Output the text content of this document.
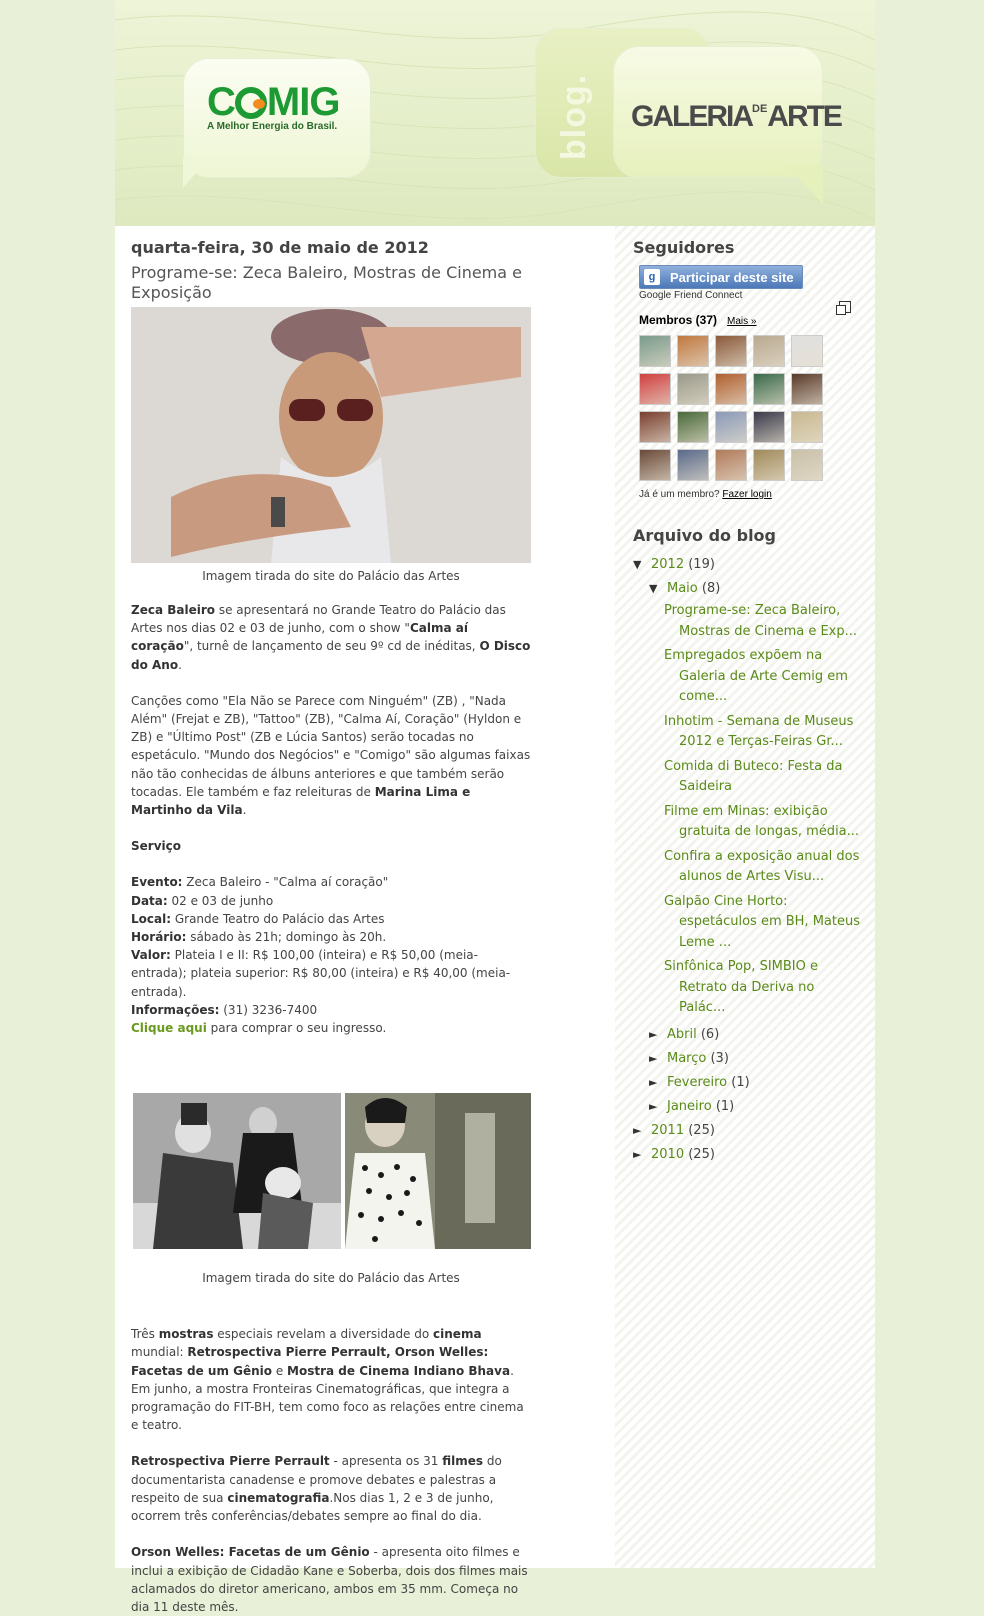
C MIG
A Melhor Energia do Brasil.	blog. $GALERIA^{DE}ARTE$
quarta-feira, 30 de maio de 2012
Programe-se: Zeca Baleiro, Mostras de Cinema e Exposição
Imagem tirada do site do Palácio das Artes

Zeca Baleiro se apresentará no Grande Teatro do Palácio das Artes nos dias 02 e 03 de junho, com o show "Calma aí coração", turnê de lançamento de seu 9º cd de inéditas, O Disco do Ano.

Canções como "Ela Não se Parece com Ninguém" (ZB) , "Nada Além" (Frejat e ZB), "Tattoo" (ZB), "Calma Aí, Coração" (Hyldon e ZB) e "Último Post" (ZB e Lúcia Santos) serão tocadas no espetáculo. "Mundo dos Negócios" e "Comigo" são algumas faixas não tão conhecidas de álbuns anteriores e que também serão tocadas. Ele também e faz releituras de Marina Lima e Martinho da Vila.

Serviço

Evento: Zeca Baleiro - "Calma aí coração"
Data: 02 e 03 de junho
Local: Grande Teatro do Palácio das Artes
Horário: sábado às 21h; domingo às 20h.
Valor: Plateia I e II: R$ 100,00 (inteira) e R$ 50,00 (meia-entrada); plateia superior: R$ 80,00 (inteira) e R$ 40,00 (meia-entrada).
Informações: (31) 3236-7400
Clique aqui para comprar o seu ingresso.

Imagem tirada do site do Palácio das Artes

Três mostras especiais revelam a diversidade do cinema mundial: Retrospectiva Pierre Perrault, Orson Welles: Facetas de um Gênio e Mostra de Cinema Indiano Bhava. Em junho, a mostra Fronteiras Cinematográficas, que integra a programação do FIT-BH, tem como foco as relações entre cinema e teatro.

Retrospectiva Pierre Perrault - apresenta os 31 filmes do documentarista canadense e promove debates e palestras a respeito de sua cinematografia.Nos dias 1, 2 e 3 de junho, ocorrem três conferências/debates sempre ao final do dia.

Orson Welles: Facetas de um Gênio - apresenta oito filmes e inclui a exibição de Cidadão Kane e Soberba, dois dos filmes mais aclamados do diretor americano, ambos em 35 mm. Começa no dia 11 deste mês.

Seguidores
g	Participar deste site
Google Friend Connect
Membros (37) Mais »
Já é um membro? Fazer login
Arquivo do blog
▼ 2012 (19)
▼ Maio (8)
Programe-se: Zeca Baleiro, Mostras de Cinema e Exp...
Empregados expõem na Galeria de Arte Cemig em come...
Inhotim - Semana de Museus 2012 e Terças-Feiras Gr...
Comida di Buteco: Festa da Saideira
Filme em Minas: exibição gratuita de longas, média...
Confira a exposição anual dos alunos de Artes Visu...
Galpão Cine Horto: espetáculos em BH, Mateus Leme ...
Sinfônica Pop, SIMBIO e Retrato da Deriva no Palác...
► Abril (6)
► Março (3)
► Fevereiro (1)
► Janeiro (1)
► 2011 (25)
► 2010 (25)
